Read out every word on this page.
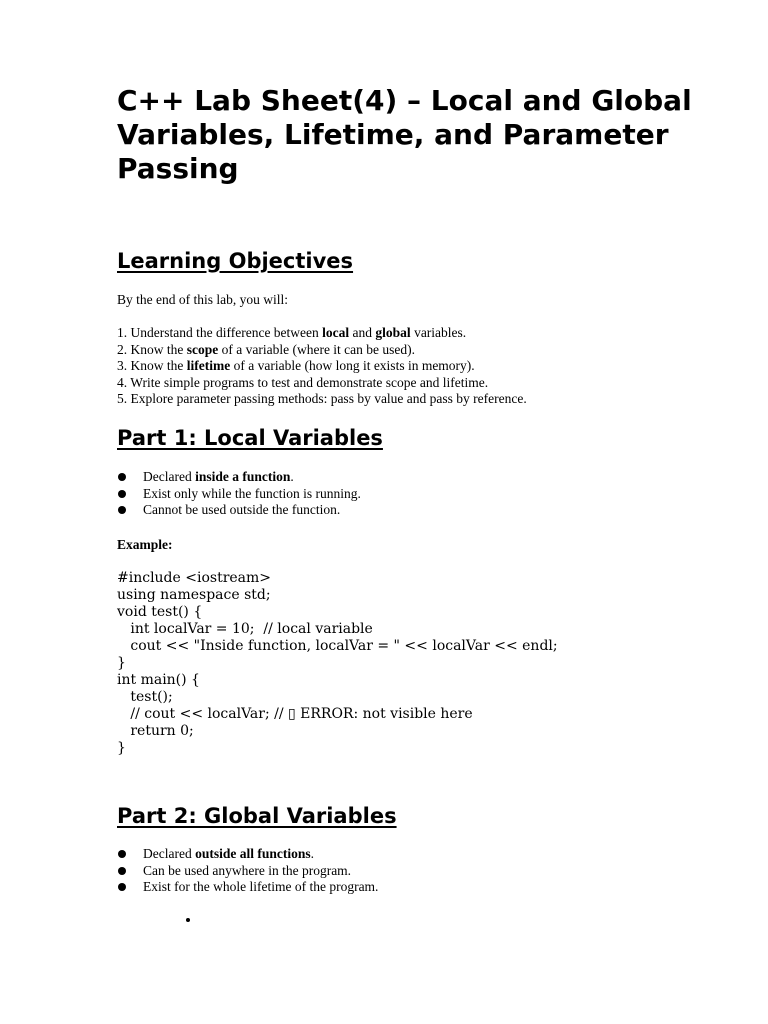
C++ Lab Sheet(4) – Local and Global Variables, Lifetime, and Parameter Passing
Learning Objectives

By the end of this lab, you will:

1. Understand the difference between local and global variables.
2. Know the scope of a variable (where it can be used).
3. Know the lifetime of a variable (how long it exists in memory).
4. Write simple programs to test and demonstrate scope and lifetime.
5. Explore parameter passing methods: pass by value and pass by reference.
Part 1: Local Variables
Declared inside a function.
Exist only while the function is running.
Cannot be used outside the function.

Example:

#include <iostream>
using namespace std;
void test() {
int localVar = 10;  // local variable
cout << "Inside function, localVar = " << localVar << endl;
}
int main() {
test();
// cout << localVar; // ▯ ERROR: not visible here
return 0;
}
Part 2: Global Variables
Declared outside all functions.
Can be used anywhere in the program.
Exist for the whole lifetime of the program.
